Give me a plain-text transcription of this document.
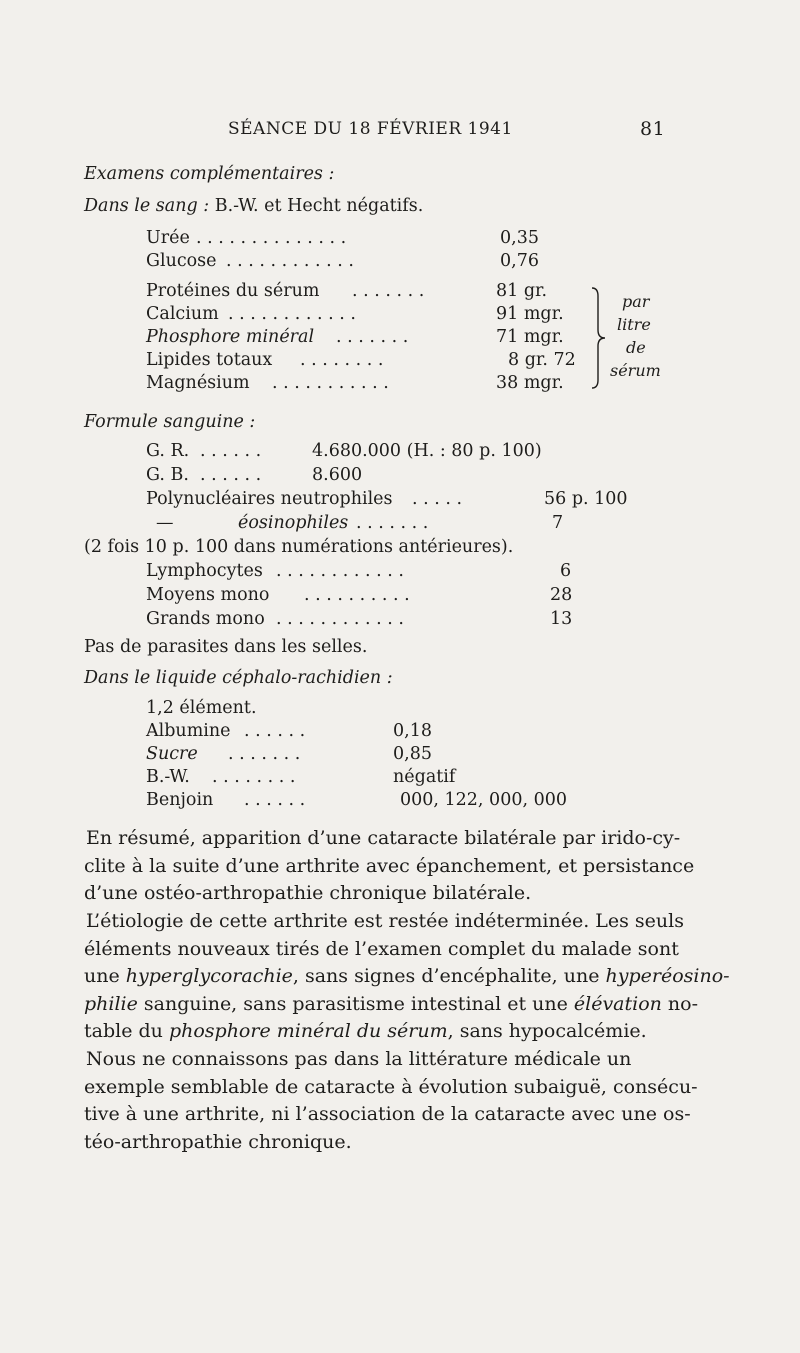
SÉANCE DU 18 FÉVRIER 1941	81
Examens complémentaires :
Dans le sang : B.-W. et Hecht négatifs.
Urée . . . . . . . . . . . . . .	0,35
Glucose . . . . . . . . . . . .	0,76
Protéines du sérum . . . . . . .	81 gr.
Calcium . . . . . . . . . . . .	91 mgr.
Phosphore minéral . . . . . . .	71 mgr.
Lipides totaux . . . . . . . .	8 gr. 72
Magnésium . . . . . . . . . . .	38 mgr.
par
litre
de
sérum
Formule sanguine :
G. R. . . . . . .	4.680.000 (H. : 80 p. 100)
G. B. . . . . . .	8.600
Polynucléaires neutrophiles . . . . .	56 p. 100
—	éosinophiles . . . . . . .	7
(2 fois 10 p. 100 dans numérations antérieures).
Lymphocytes . . . . . . . . . . . .	6
Moyens mono . . . . . . . . . .	28
Grands mono . . . . . . . . . . . .	13
Pas de parasites dans les selles.
Dans le liquide céphalo-rachidien :
1,2 élément.
Albumine . . . . . .	0,18
Sucre . . . . . . .	0,85
B.-W. . . . . . . . .	négatif
Benjoin . . . . . .	000, 122, 000, 000
En résumé, apparition d’une cataracte bilatérale par irido-cy-
clite à la suite d’une arthrite avec épanchement, et persistance
d’une ostéo-arthropathie chronique bilatérale.
L’étiologie de cette arthrite est restée indéterminée. Les seuls
éléments nouveaux tirés de l’examen complet du malade sont
une hyperglycorachie, sans signes d’encéphalite, une hyperéosino-
philie sanguine, sans parasitisme intestinal et une élévation no-
table du phosphore minéral du sérum, sans hypocalcémie.
Nous ne connaissons pas dans la littérature médicale un
exemple semblable de cataracte à évolution subaiguë, consécu-
tive à une arthrite, ni l’association de la cataracte avec une os-
téo-arthropathie chronique.
